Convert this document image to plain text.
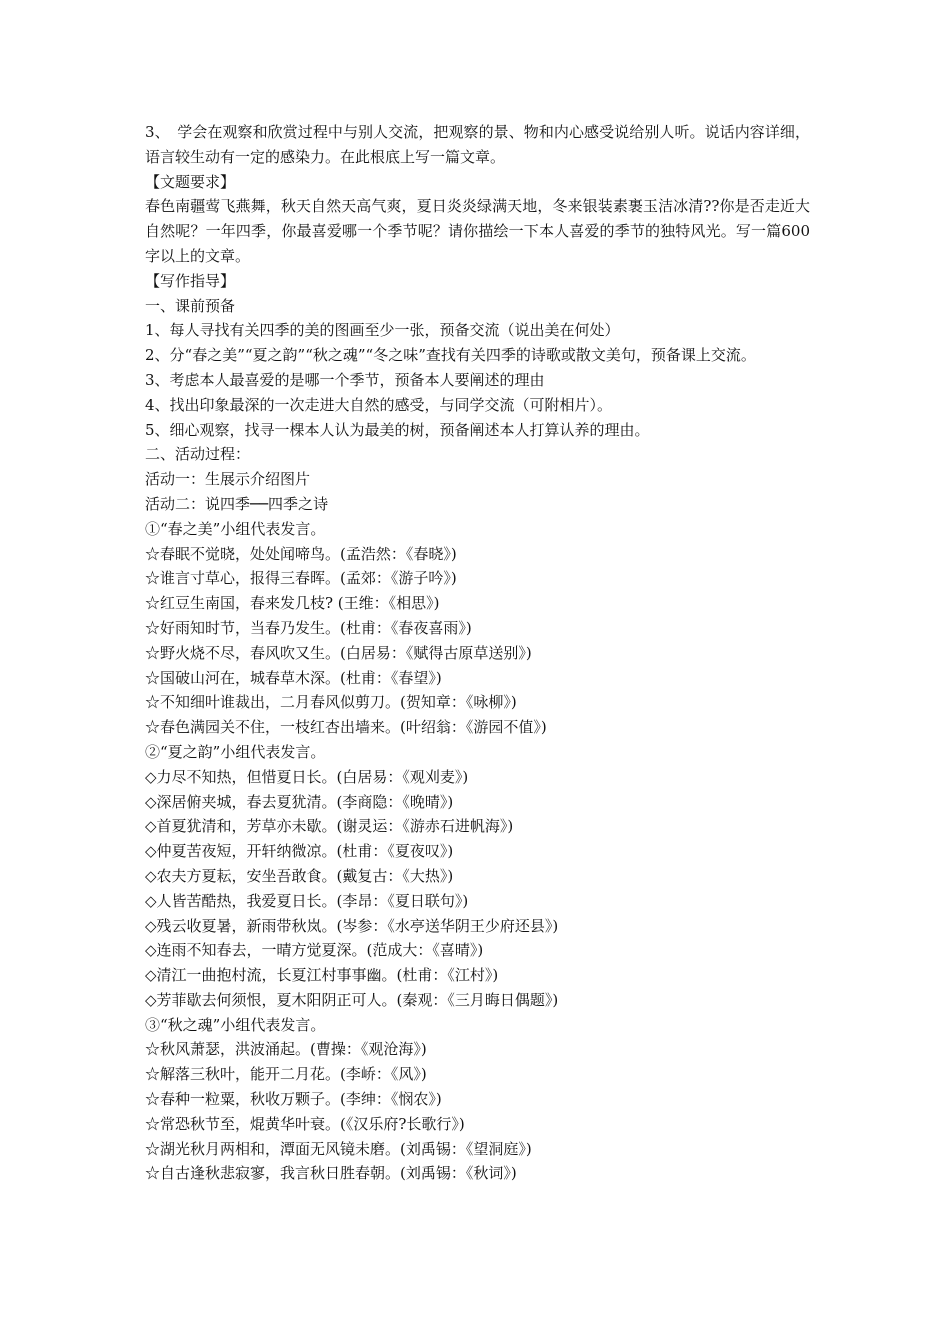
3、　学会在观察和欣赏过程中与别人交流，把观察的景、物和内心感受说给别人听。说话内容详细，语言较生动有一定的感染力。在此根底上写一篇文章。

【文题要求】

春色南疆莺飞燕舞，秋天自然天高气爽，夏日炎炎绿满天地，冬来银装素裹玉洁冰清??你是否走近大自然呢？一年四季，你最喜爱哪一个季节呢？请你描绘一下本人喜爱的季节的独特风光。写一篇600字以上的文章。

【写作指导】

一、课前预备

1、每人寻找有关四季的美的图画至少一张，预备交流（说出美在何处）

2、分“春之美”“夏之韵”“秋之魂”“冬之味”查找有关四季的诗歌或散文美句，预备课上交流。

3、考虑本人最喜爱的是哪一个季节，预备本人要阐述的理由

4、找出印象最深的一次走进大自然的感受，与同学交流（可附相片）。

5、细心观察，找寻一棵本人认为最美的树，预备阐述本人打算认养的理由。

二、活动过程：

活动一：生展示介绍图片

活动二：说四季──四季之诗

①“春之美”小组代表发言。

☆春眠不觉晓，处处闻啼鸟。(孟浩然：《春晓》)

☆谁言寸草心，报得三春晖。(孟郊：《游子吟》)

☆红豆生南国，春来发几枝? (王维：《相思》)

☆好雨知时节，当春乃发生。(杜甫：《春夜喜雨》)

☆野火烧不尽，春风吹又生。(白居易：《赋得古原草送别》)

☆国破山河在，城春草木深。(杜甫：《春望》)

☆不知细叶谁裁出，二月春风似剪刀。(贺知章：《咏柳》)

☆春色满园关不住，一枝红杏出墙来。(叶绍翁：《游园不值》)

②“夏之韵”小组代表发言。

◇力尽不知热，但惜夏日长。(白居易：《观刈麦》)

◇深居俯夹城，春去夏犹清。(李商隐：《晚晴》)

◇首夏犹清和，芳草亦未歇。(谢灵运：《游赤石进帆海》)

◇仲夏苦夜短，开轩纳微凉。(杜甫：《夏夜叹》)

◇农夫方夏耘，安坐吾敢食。(戴复古：《大热》)

◇人皆苦酷热，我爱夏日长。(李昂：《夏日联句》)

◇残云收夏暑，新雨带秋岚。(岑参：《水亭送华阴王少府还县》)

◇连雨不知春去，一晴方觉夏深。(范成大：《喜晴》)

◇清江一曲抱村流，长夏江村事事幽。(杜甫：《江村》)

◇芳菲歇去何须恨，夏木阳阴正可人。(秦观：《三月晦日偶题》)

③“秋之魂”小组代表发言。

☆秋风萧瑟，洪波涌起。(曹操：《观沧海》)

☆解落三秋叶，能开二月花。(李峤：《风》)

☆春种一粒粟，秋收万颗子。(李绅：《悯农》)

☆常恐秋节至，焜黄华叶衰。(《汉乐府?长歌行》)

☆湖光秋月两相和，潭面无风镜未磨。(刘禹锡：《望洞庭》)

☆自古逢秋悲寂寥，我言秋日胜春朝。(刘禹锡：《秋词》)
